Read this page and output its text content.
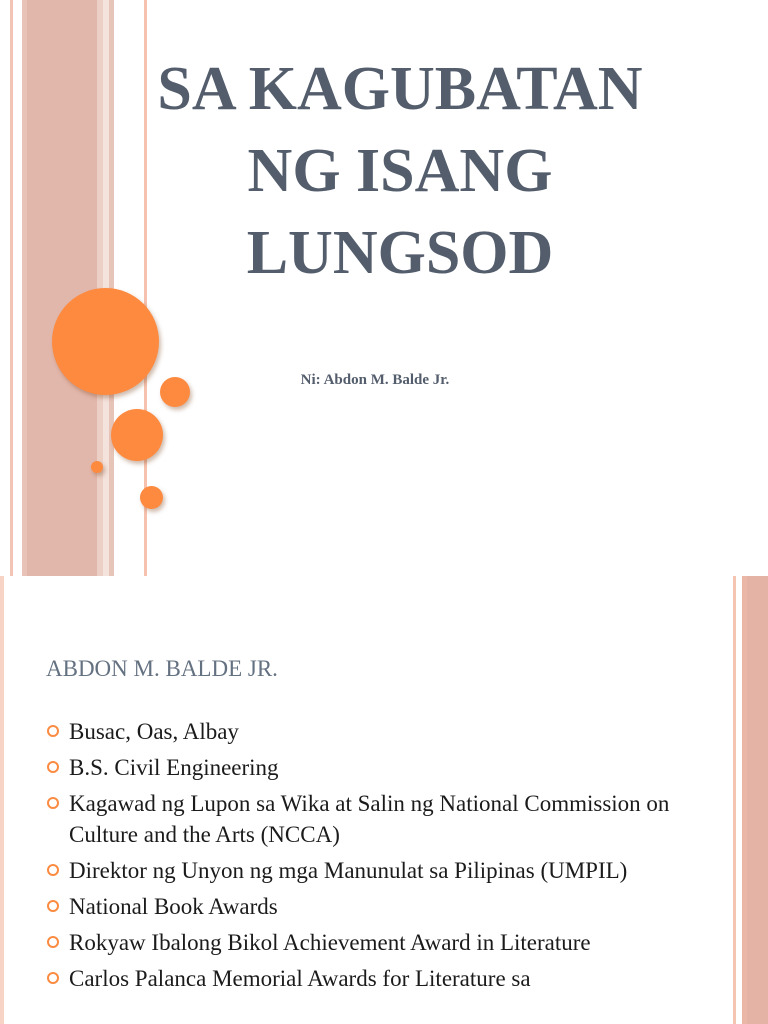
SA KAGUBATAN
NG ISANG
LUNGSOD
Ni: Abdon M. Balde Jr.
ABDON M. BALDE JR.
Busac, Oas, Albay
B.S. Civil Engineering
Kagawad ng Lupon sa Wika at Salin ng National Commission on Culture and the Arts (NCCA)
Direktor ng Unyon ng mga Manunulat sa Pilipinas (UMPIL)
National Book Awards
Rokyaw Ibalong Bikol Achievement Award in Literature
Carlos Palanca Memorial Awards for Literature sa
